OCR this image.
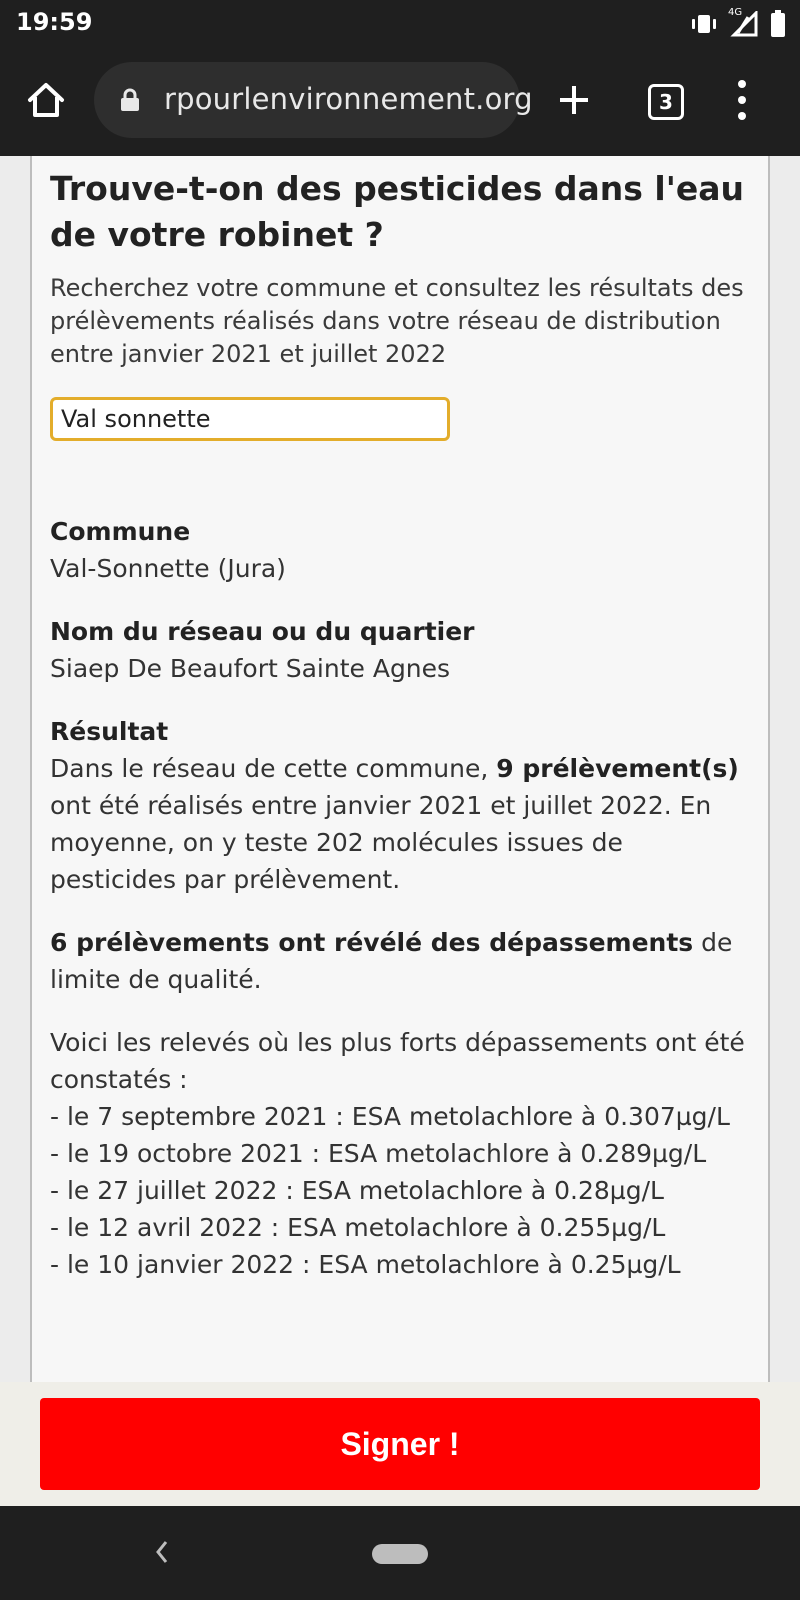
19:59	4G
rpourlenvironnement.org	3
Trouve-t-on des pesticides dans l'eau de votre robinet ?
Recherchez votre commune et consultez les résultats des prélèvements réalisés dans votre réseau de distribution entre janvier 2021 et juillet 2022
Val sonnette
Commune
Val-Sonnette (Jura)
Nom du réseau ou du quartier
Siaep De Beaufort Sainte Agnes
Résultat

Dans le réseau de cette commune, 9 prélèvement(s) ont été réalisés entre janvier 2021 et juillet 2022. En moyenne, on y teste 202 molécules issues de pesticides par prélèvement.

6 prélèvements ont révélé des dépassements de limite de qualité.

Voici les relevés où les plus forts dépassements ont été constatés :

- le 7 septembre 2021 : ESA metolachlore à 0.307µg/L
- le 19 octobre 2021 : ESA metolachlore à 0.289µg/L
- le 27 juillet 2022 : ESA metolachlore à 0.28µg/L
- le 12 avril 2022 : ESA metolachlore à 0.255µg/L
- le 10 janvier 2022 : ESA metolachlore à 0.25µg/L
Signer !
